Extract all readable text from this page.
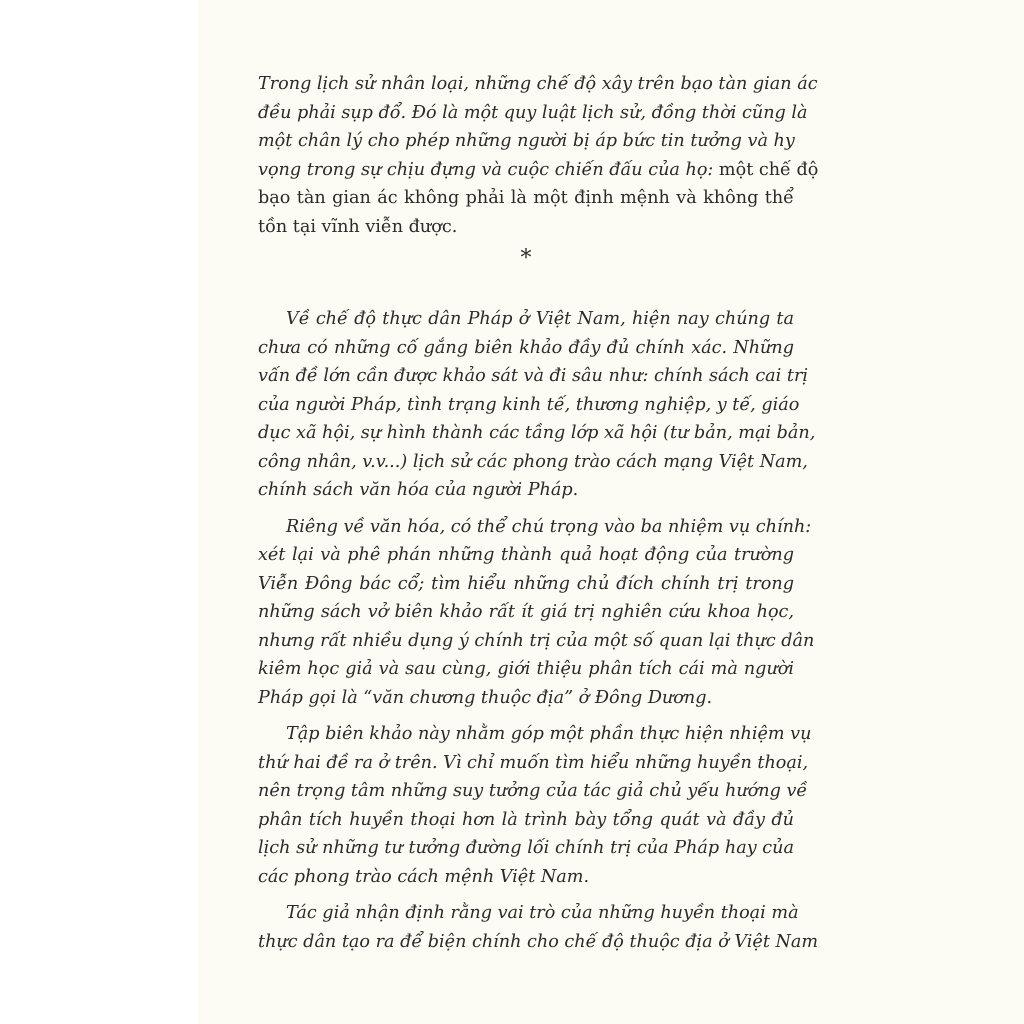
Trong lịch sử nhân loại, những chế độ xây trên bạo tàn gian ác
đều phải sụp đổ. Đó là một quy luật lịch sử, đồng thời cũng là
một chân lý cho phép những người bị áp bức tin tưởng và hy
vọng trong sự chịu đựng và cuộc chiến đấu của họ: một chế độ
bạo tàn gian ác không phải là một định mệnh và không thể
tồn tại vĩnh viễn được.

*

Về chế độ thực dân Pháp ở Việt Nam, hiện nay chúng ta
chưa có những cố gắng biên khảo đầy đủ chính xác. Những
vấn đề lớn cần được khảo sát và đi sâu như: chính sách cai trị
của người Pháp, tình trạng kinh tế, thương nghiệp, y tế, giáo
dục xã hội, sự hình thành các tầng lớp xã hội (tư bản, mại bản,
công nhân, v.v...) lịch sử các phong trào cách mạng Việt Nam,
chính sách văn hóa của người Pháp.

Riêng về văn hóa, có thể chú trọng vào ba nhiệm vụ chính:
xét lại và phê phán những thành quả hoạt động của trường
Viễn Đông bác cổ; tìm hiểu những chủ đích chính trị trong
những sách vở biên khảo rất ít giá trị nghiên cứu khoa học,
nhưng rất nhiều dụng ý chính trị của một số quan lại thực dân
kiêm học giả và sau cùng, giới thiệu phân tích cái mà người
Pháp gọi là “văn chương thuộc địa” ở Đông Dương.

Tập biên khảo này nhằm góp một phần thực hiện nhiệm vụ
thứ hai đề ra ở trên. Vì chỉ muốn tìm hiểu những huyền thoại,
nên trọng tâm những suy tưởng của tác giả chủ yếu hướng về
phân tích huyền thoại hơn là trình bày tổng quát và đầy đủ
lịch sử những tư tưởng đường lối chính trị của Pháp hay của
các phong trào cách mệnh Việt Nam.

Tác giả nhận định rằng vai trò của những huyền thoại mà
thực dân tạo ra để biện chính cho chế độ thuộc địa ở Việt Nam
